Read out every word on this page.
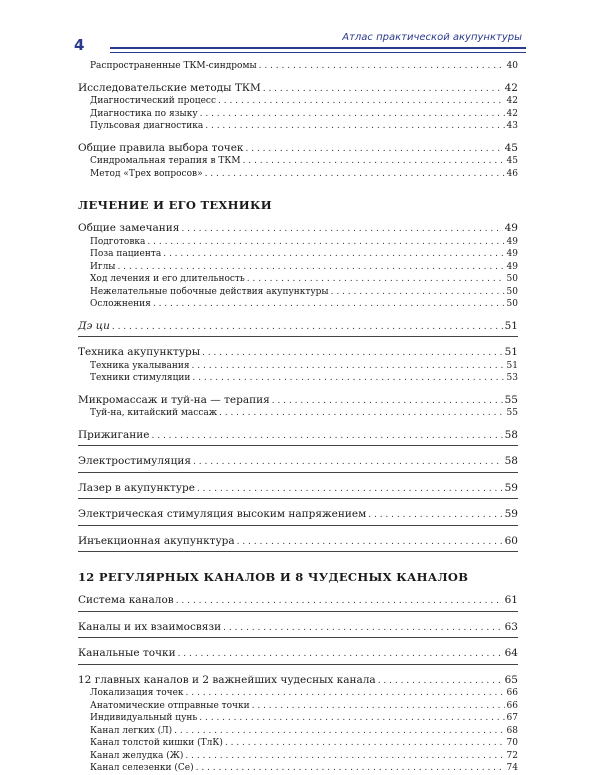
4	Атлас практической акупунктуры
Распространенные ТКМ-синдромы . . .	40
Исследовательские методы ТКМ . . .	42
Диагностический процесс . . .	42
Диагностика по языку . . .	42
Пульсовая диагностика . . .	43
Общие правила выбора точек . . .	45
Синдромальная терапия в ТКМ . . .	45
Метод «Трех вопросов» . . .	46
ЛЕЧЕНИЕ И ЕГО ТЕХНИКИ
Общие замечания . . .	49
Подготовка . . .	49
Поза пациента . . .	49
Иглы . . .	49
Ход лечения и его длительность . . .	50
Нежелательные побочные действия акупунктуры . . .	50
Осложнения . . .	50
Дэ ци . . .	51
Техника акупунктуры . . .	51
Техника укалывания . . .	51
Техники стимуляции . . .	53
Микромассаж и туй-на — терапия . . .	55
Туй-на, китайский массаж . . .	55
Прижигание . . .	58
Электростимуляция . . .	58
Лазер в акупунктуре . . .	59
Электрическая стимуляция высоким напряжением . . .	59
Инъекционная акупунктура . . .	60
12 РЕГУЛЯРНЫХ КАНАЛОВ И 8 ЧУДЕСНЫХ КАНАЛОВ
Система каналов . . .	61
Каналы и их взаимосвязи . . .	63
Канальные точки . . .	64
12 главных каналов и 2 важнейших чудесных канала . . .	65
Локализация точек . . .	66
Анатомические отправные точки . . .	66
Индивидуальный цунь . . .	67
Канал легких (Л) . . .	68
Канал толстой кишки (ТлК) . . .	70
Канал желудка (Ж) . . .	72
Канал селезенки (Се) . . .	74
